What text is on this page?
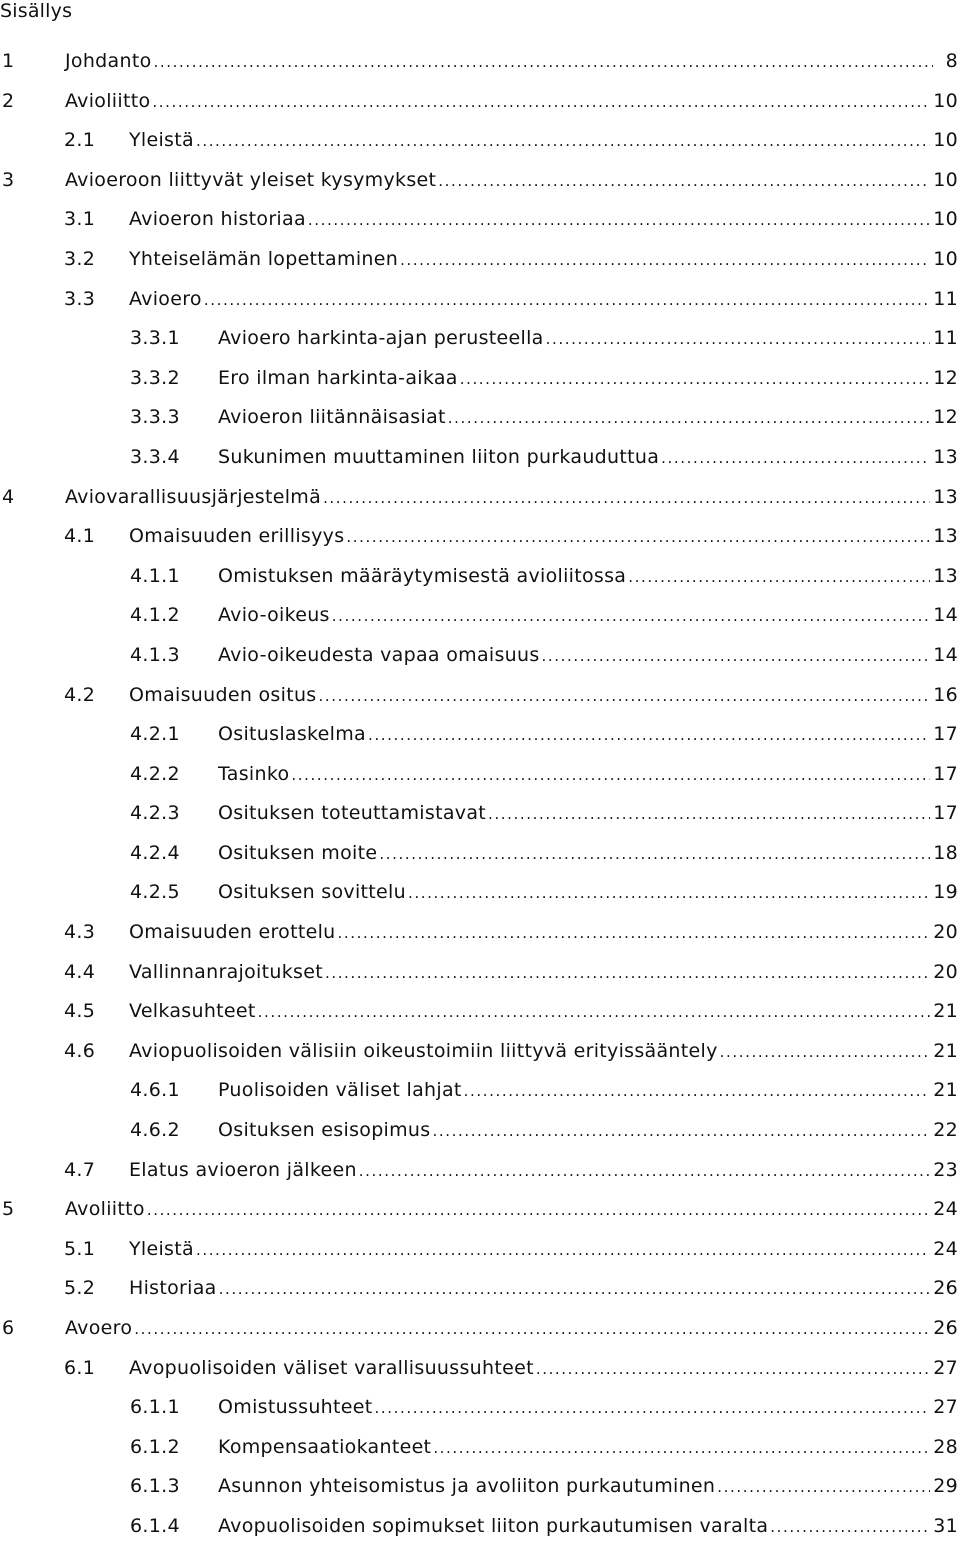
Sisällys
1	Johdanto .....	8
2	Avioliitto .....	10
2.1	Yleistä .....	10
3	Avioeroon liittyvät yleiset kysymykset .....	10
3.1	Avioeron historiaa .....	10
3.2	Yhteiselämän lopettaminen .....	10
3.3	Avioero .....	11
3.3.1	Avioero harkinta-ajan perusteella .....	11
3.3.2	Ero ilman harkinta-aikaa .....	12
3.3.3	Avioeron liitännäisasiat .....	12
3.3.4	Sukunimen muuttaminen liiton purkauduttua .....	13
4	Aviovarallisuusjärjestelmä .....	13
4.1	Omaisuuden erillisyys .....	13
4.1.1	Omistuksen määräytymisestä avioliitossa .....	13
4.1.2	Avio-oikeus .....	14
4.1.3	Avio-oikeudesta vapaa omaisuus .....	14
4.2	Omaisuuden ositus .....	16
4.2.1	Osituslaskelma .....	17
4.2.2	Tasinko .....	17
4.2.3	Osituksen toteuttamistavat .....	17
4.2.4	Osituksen moite .....	18
4.2.5	Osituksen sovittelu .....	19
4.3	Omaisuuden erottelu .....	20
4.4	Vallinnanrajoitukset .....	20
4.5	Velkasuhteet .....	21
4.6	Aviopuolisoiden välisiin oikeustoimiin liittyvä erityissääntely .....	21
4.6.1	Puolisoiden väliset lahjat .....	21
4.6.2	Osituksen esisopimus .....	22
4.7	Elatus avioeron jälkeen .....	23
5	Avoliitto .....	24
5.1	Yleistä .....	24
5.2	Historiaa .....	26
6	Avoero .....	26
6.1	Avopuolisoiden väliset varallisuussuhteet .....	27
6.1.1	Omistussuhteet .....	27
6.1.2	Kompensaatiokanteet .....	28
6.1.3	Asunnon yhteisomistus ja avoliiton purkautuminen .....	29
6.1.4	Avopuolisoiden sopimukset liiton purkautumisen varalta .....	31
